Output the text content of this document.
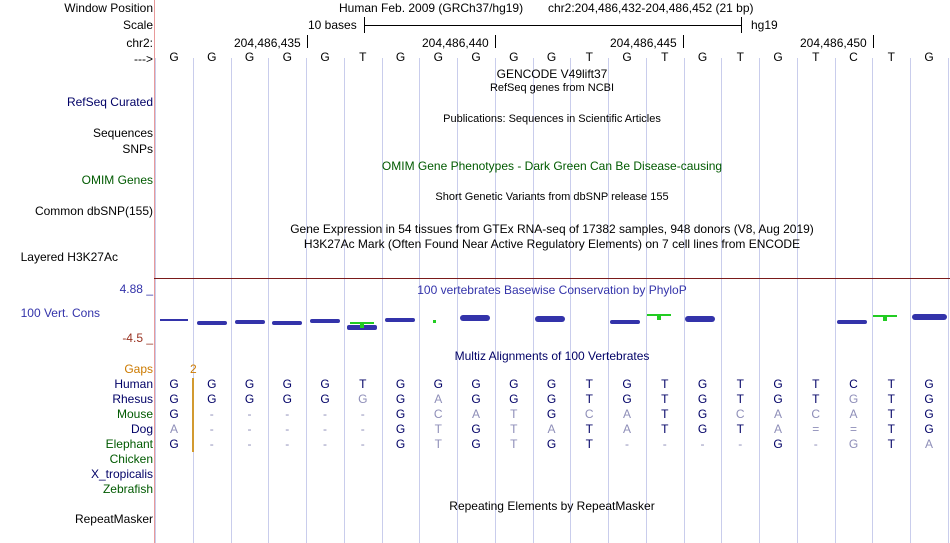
Window Position
Scale
chr2:
--->
RefSeq Curated
Sequences
SNPs
OMIM Genes
Common dbSNP(155)
Layered H3K27Ac
4.88 _
100 Vert. Cons
-4.5 _
Gaps
Human
Rhesus
Mouse
Dog
Elephant
Chicken
X_tropicalis
Zebrafish
RepeatMasker
Human Feb. 2009 (GRCh37/hg19) chr2:204,486,432-204,486,452 (21 bp)
10 bases	hg19
204,486,435	204,486,440	204,486,445	204,486,450
G	G	G	G	G	T	G	G	G	G	G	T	G	T	G	T	G	T	C	T	G
GENCODE V49lift37
RefSeq genes from NCBI
Publications: Sequences in Scientific Articles
OMIM Gene Phenotypes - Dark Green Can Be Disease-causing
Short Genetic Variants from dbSNP release 155
Gene Expression in 54 tissues from GTEx RNA-seq of 17382 samples, 948 donors (V8, Aug 2019)
H3K27Ac Mark (Often Found Near Active Regulatory Elements) on 7 cell lines from ENCODE
100 vertebrates Basewise Conservation by PhyloP
Multiz Alignments of 100 Vertebrates
Repeating Elements by RepeatMasker
2
G	G	G	G	G	T	G	G	G	G	G	T	G	T	G	T	G	T	C	T	G
G	G	G	G	G	G	G	A	G	G	G	T	G	T	G	T	G	T	G	T	G
G	-	-	-	-	-	G	C	A	T	G	C	A	T	G	C	A	C	A	T	G
A	-	-	-	-	-	G	T	G	T	A	T	A	T	G	T	A	=	=	T	G
G	-	-	-	-	-	G	T	G	T	G	T	-	-	-	-	G	-	G	T	A
